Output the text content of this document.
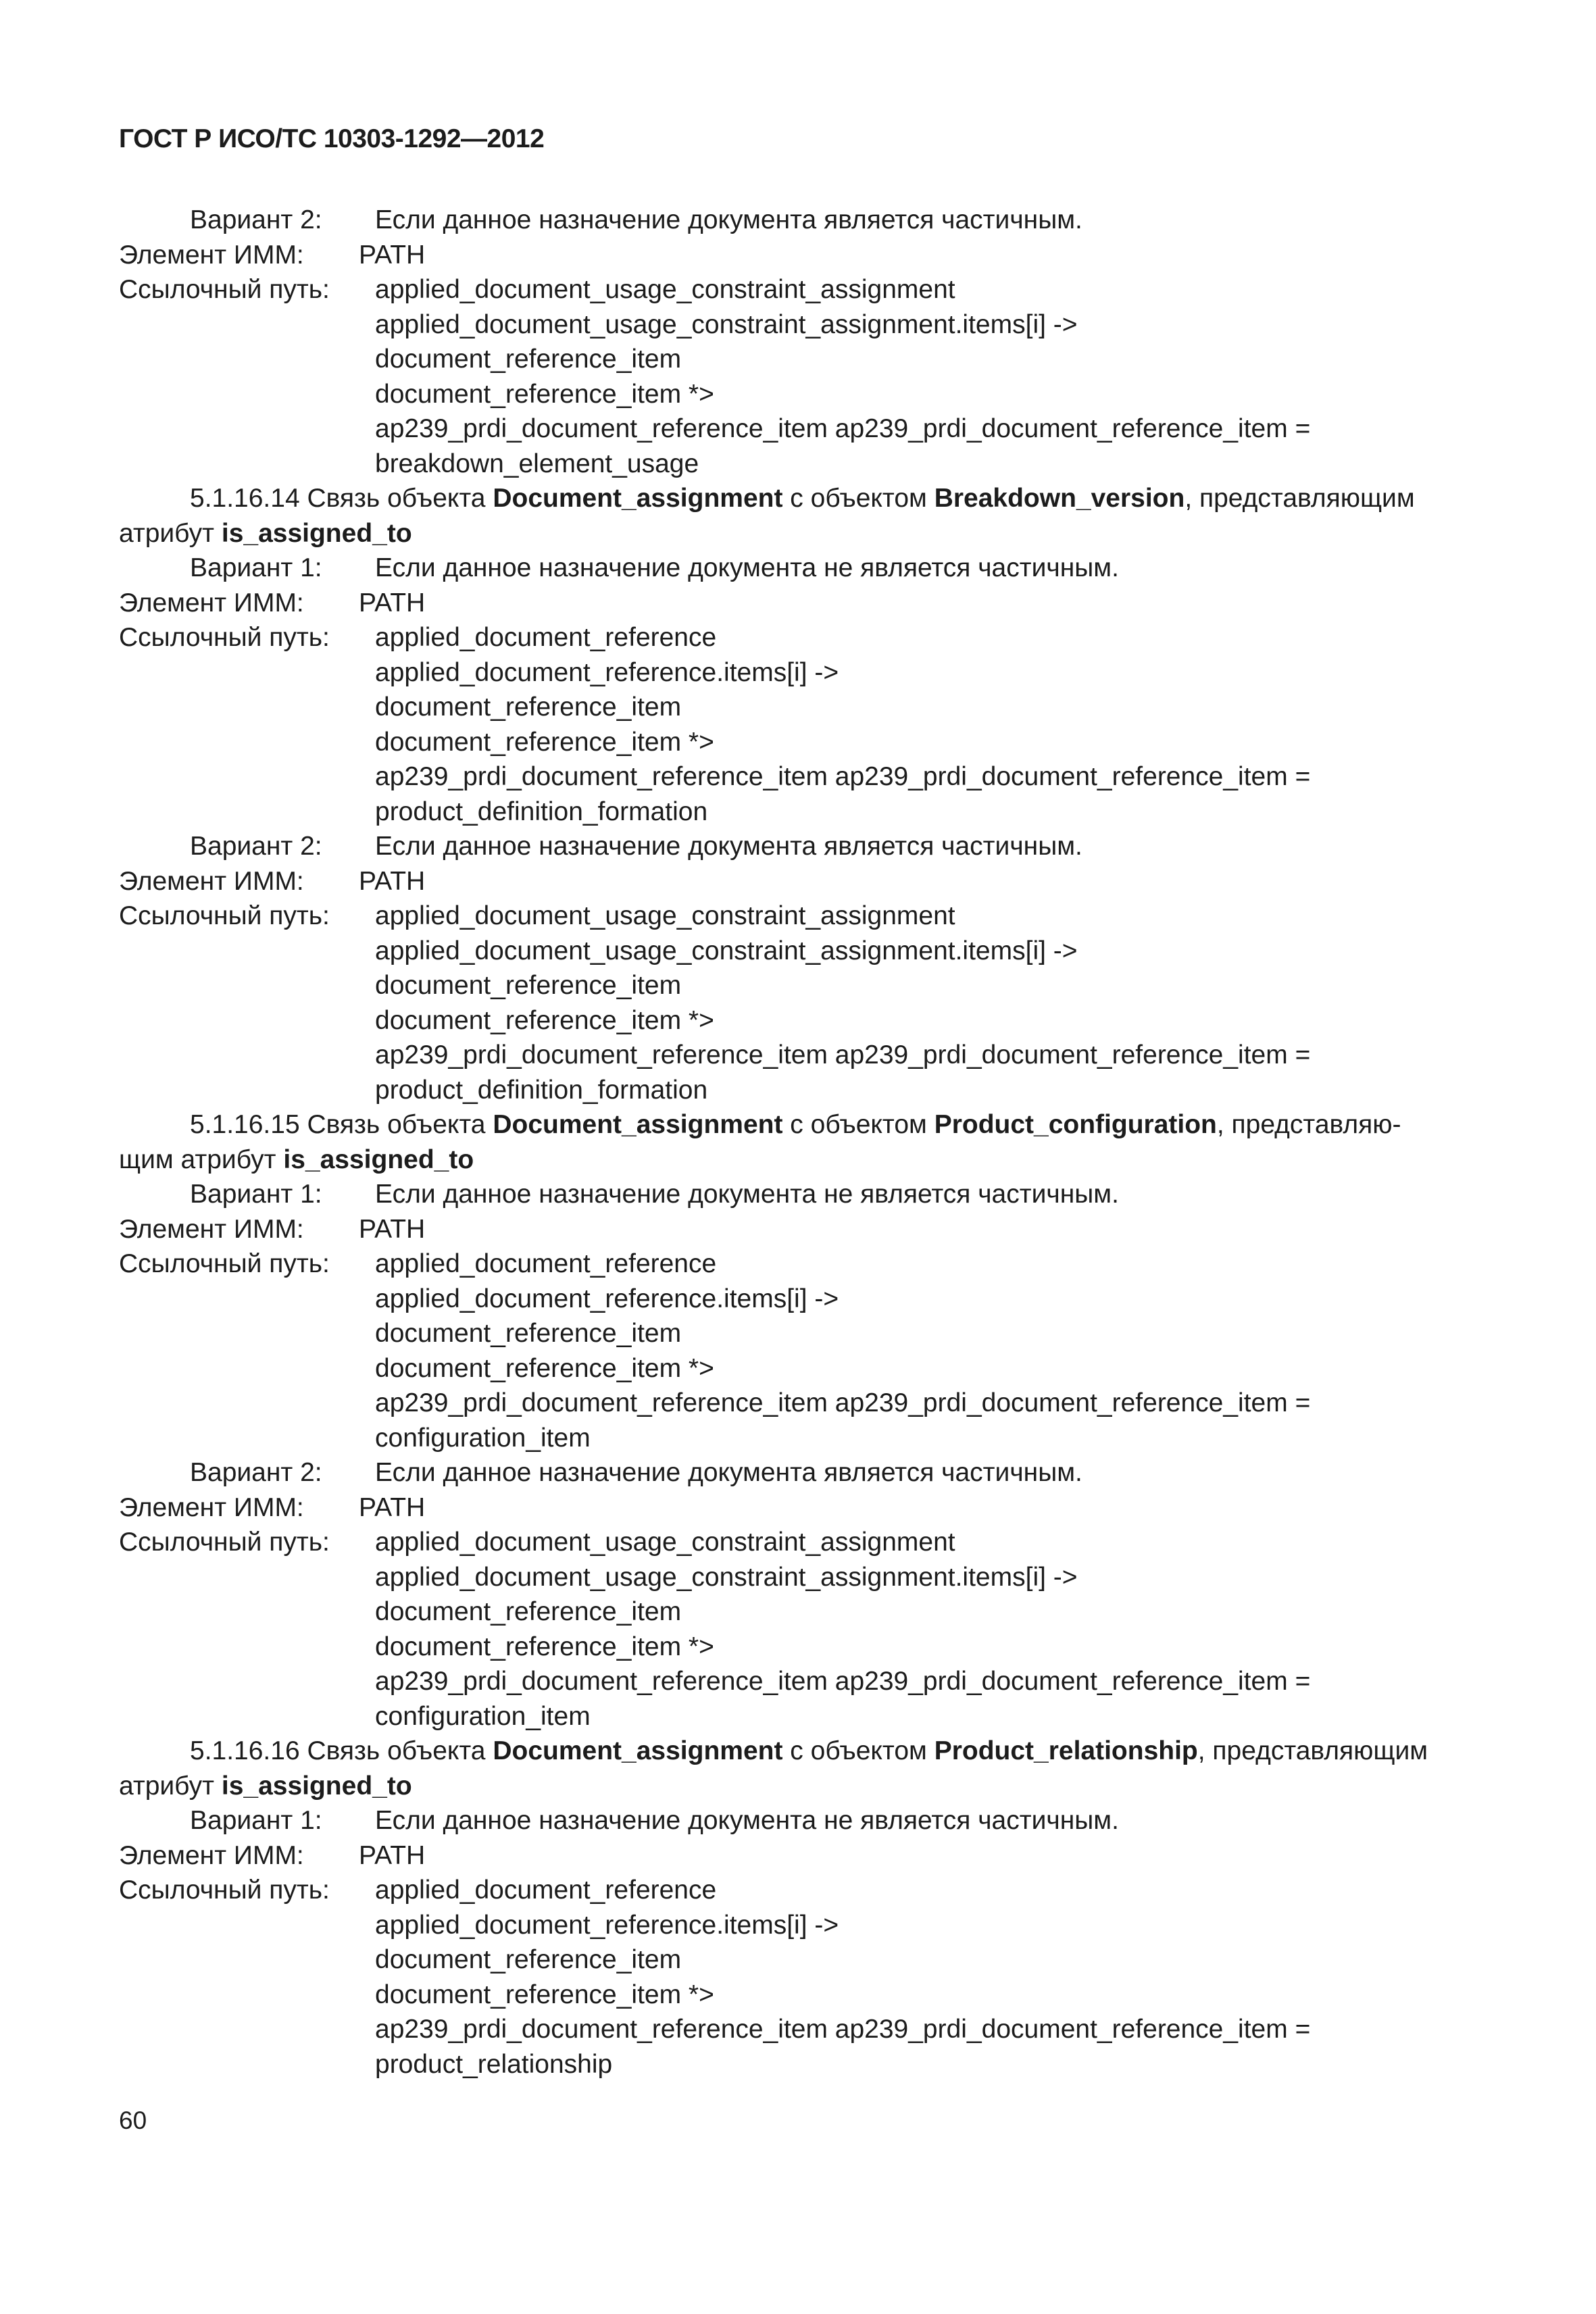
ГОСТ Р ИСО/ТС 10303-1292—2012
Вариант 2: Если данное назначение документа является частичным.
Элемент ИММ: PATH
Ссылочный путь: applied_document_usage_constraint_assignment
applied_document_usage_constraint_assignment.items[i] ->
document_reference_item
document_reference_item *>
ap239_prdi_document_reference_item ap239_prdi_document_reference_item =
breakdown_element_usage
5.1.16.14 Связь объекта Document_assignment с объектом Breakdown_version, представляющим
атрибут is_assigned_to
Вариант 1: Если данное назначение документа не является частичным.
Элемент ИММ: PATH
Ссылочный путь: applied_document_reference
applied_document_reference.items[i] ->
document_reference_item
document_reference_item *>
ap239_prdi_document_reference_item ap239_prdi_document_reference_item =
product_definition_formation
Вариант 2: Если данное назначение документа является частичным.
Элемент ИММ: PATH
Ссылочный путь: applied_document_usage_constraint_assignment
applied_document_usage_constraint_assignment.items[i] ->
document_reference_item
document_reference_item *>
ap239_prdi_document_reference_item ap239_prdi_document_reference_item =
product_definition_formation
5.1.16.15 Связь объекта Document_assignment с объектом Product_configuration, представляю-
щим атрибут is_assigned_to
Вариант 1: Если данное назначение документа не является частичным.
Элемент ИММ: PATH
Ссылочный путь: applied_document_reference
applied_document_reference.items[i] ->
document_reference_item
document_reference_item *>
ap239_prdi_document_reference_item ap239_prdi_document_reference_item =
configuration_item
Вариант 2: Если данное назначение документа является частичным.
Элемент ИММ: PATH
Ссылочный путь: applied_document_usage_constraint_assignment
applied_document_usage_constraint_assignment.items[i] ->
document_reference_item
document_reference_item *>
ap239_prdi_document_reference_item ap239_prdi_document_reference_item =
configuration_item
5.1.16.16 Связь объекта Document_assignment с объектом Product_relationship, представляющим
атрибут is_assigned_to
Вариант 1: Если данное назначение документа не является частичным.
Элемент ИММ: PATH
Ссылочный путь: applied_document_reference
applied_document_reference.items[i] ->
document_reference_item
document_reference_item *>
ap239_prdi_document_reference_item ap239_prdi_document_reference_item =
product_relationship
60
